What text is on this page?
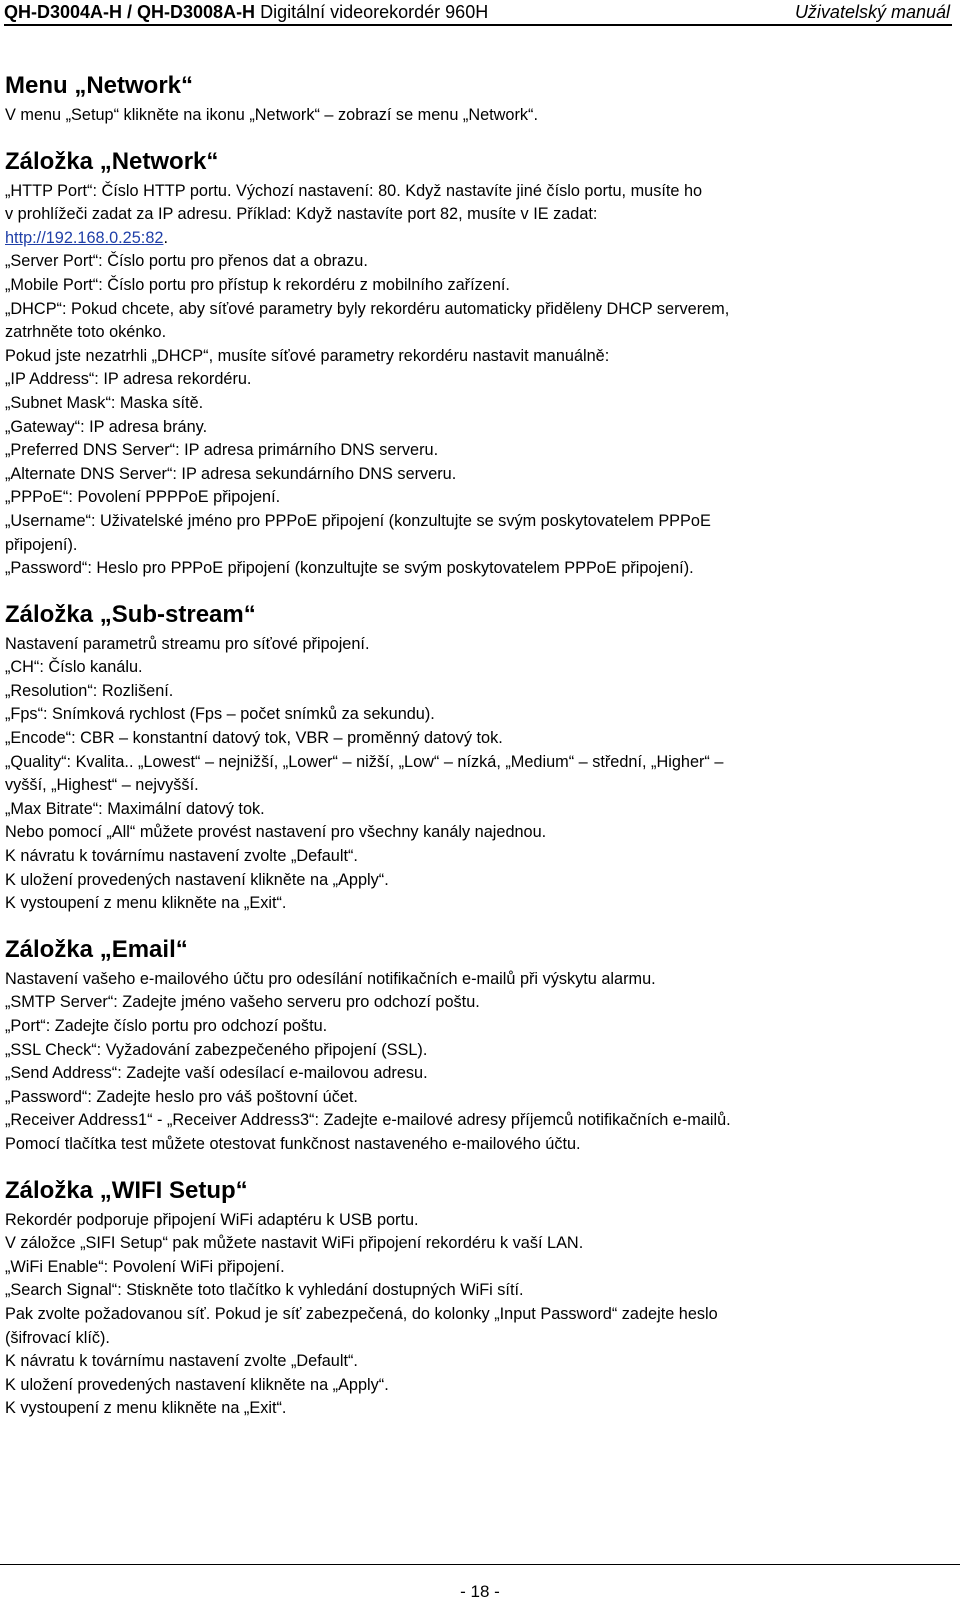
QH-D3004A-H / QH-D3008A-H Digitální videorekordér 960H	Uživatelský manuál
Menu „Network“

V menu „Setup“ klikněte na ikonu „Network“ – zobrazí se menu „Network“.

Záložka „Network“

„HTTP Port“: Číslo HTTP portu. Výchozí nastavení: 80. Když nastavíte jiné číslo portu, musíte ho

v prohlížeči zadat za IP adresu. Příklad: Když nastavíte port 82, musíte v IE zadat:

http://192.168.0.25:82.

„Server Port“: Číslo portu pro přenos dat a obrazu.

„Mobile Port“: Číslo portu pro přístup k rekordéru z mobilního zařízení.

„DHCP“: Pokud chcete, aby síťové parametry byly rekordéru automaticky přiděleny DHCP serverem,

zatrhněte toto okénko.

Pokud jste nezatrhli „DHCP“, musíte síťové parametry rekordéru nastavit manuálně:

„IP Address“: IP adresa rekordéru.

„Subnet Mask“: Maska sítě.

„Gateway“: IP adresa brány.

„Preferred DNS Server“: IP adresa primárního DNS serveru.

„Alternate DNS Server“: IP adresa sekundárního DNS serveru.

„PPPoE“: Povolení PPPPoE připojení.

„Username“: Uživatelské jméno pro PPPoE připojení (konzultujte se svým poskytovatelem PPPoE

připojení).

„Password“: Heslo pro PPPoE připojení (konzultujte se svým poskytovatelem PPPoE připojení).

Záložka „Sub-stream“

Nastavení parametrů streamu pro síťové připojení.

„CH“: Číslo kanálu.

„Resolution“: Rozlišení.

„Fps“: Snímková rychlost (Fps – počet snímků za sekundu).

„Encode“: CBR – konstantní datový tok, VBR – proměnný datový tok.

„Quality“: Kvalita.. „Lowest“ – nejnižší, „Lower“ – nižší, „Low“ – nízká, „Medium“ – střední, „Higher“ –

vyšší, „Highest“ – nejvyšší.

„Max Bitrate“: Maximální datový tok.

Nebo pomocí „All“ můžete provést nastavení pro všechny kanály najednou.

K návratu k továrnímu nastavení zvolte „Default“.

K uložení provedených nastavení klikněte na „Apply“.

K vystoupení z menu klikněte na „Exit“.

Záložka „Email“

Nastavení vašeho e-mailového účtu pro odesílání notifikačních e-mailů při výskytu alarmu.

„SMTP Server“: Zadejte jméno vašeho serveru pro odchozí poštu.

„Port“: Zadejte číslo portu pro odchozí poštu.

„SSL Check“: Vyžadování zabezpečeného připojení (SSL).

„Send Address“: Zadejte vaší odesílací e-mailovou adresu.

„Password“: Zadejte heslo pro váš poštovní účet.

„Receiver Address1“ - „Receiver Address3“: Zadejte e-mailové adresy příjemců notifikačních e-mailů.

Pomocí tlačítka test můžete otestovat funkčnost nastaveného e-mailového účtu.

Záložka „WIFI Setup“

Rekordér podporuje připojení WiFi adaptéru k USB portu.

V záložce „SIFI Setup“ pak můžete nastavit WiFi připojení rekordéru k vaší LAN.

„WiFi Enable“: Povolení WiFi připojení.

„Search Signal“: Stiskněte toto tlačítko k vyhledání dostupných WiFi sítí.

Pak zvolte požadovanou síť. Pokud je síť zabezpečená, do kolonky „Input Password“ zadejte heslo

(šifrovací klíč).

K návratu k továrnímu nastavení zvolte „Default“.

K uložení provedených nastavení klikněte na „Apply“.

K vystoupení z menu klikněte na „Exit“.

- 18 -
